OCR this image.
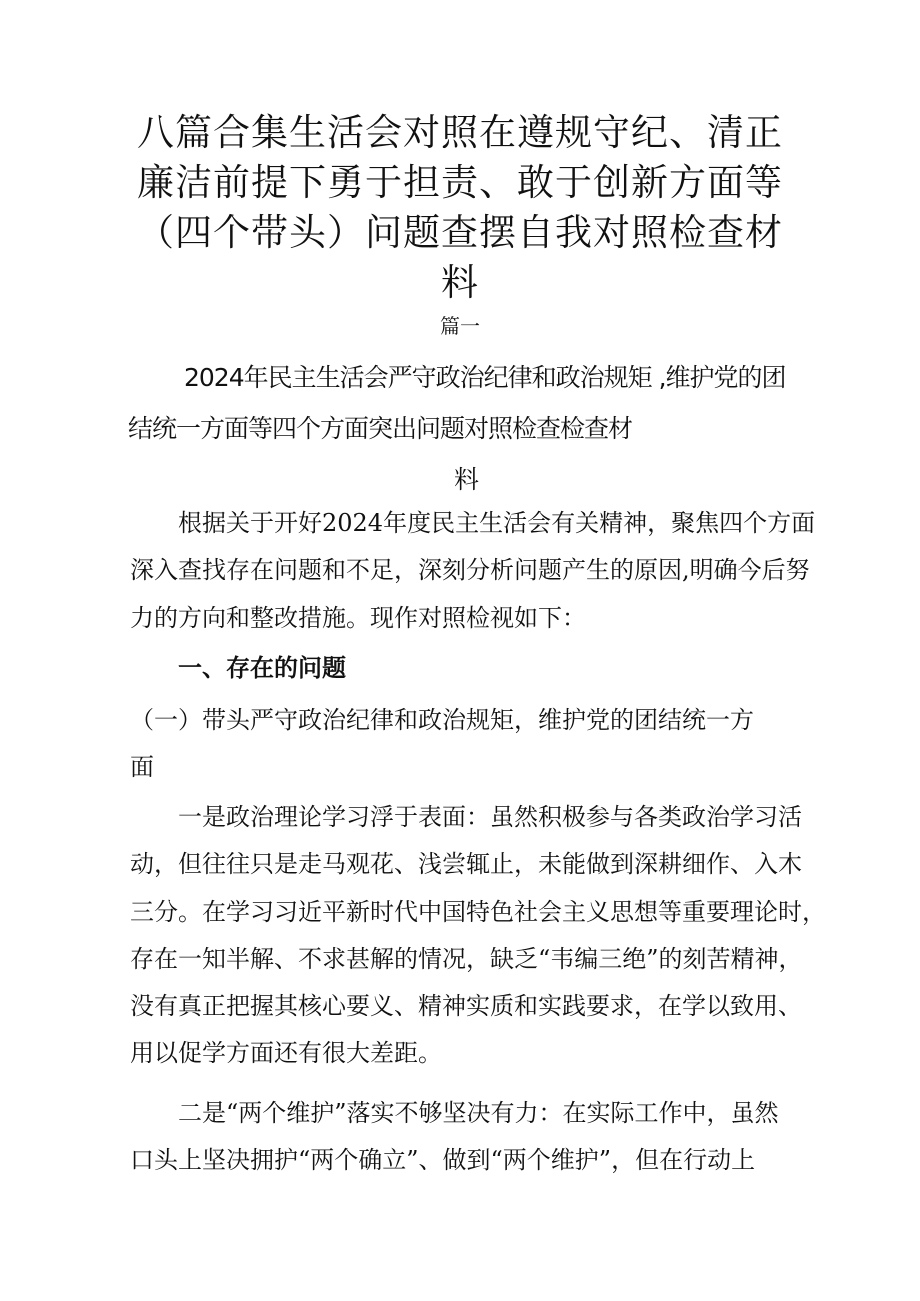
八篇合集生活会对照在遵规守纪、清正廉洁前提下勇于担责、敢于创新方面等（四个带头）问题查摆自我对照检查材料
篇一
2024年民主生活会严守政治纪律和政治规矩 ,维护党的团
结统一方面等四个方面突出问题对照检查检查材
料
根据关于开好2024年度民主生活会有关精神，聚焦四个方面
深入查找存在问题和不足，深刻分析问题产生的原因,明确今后努
力的方向和整改措施。现作对照检视如下：
一、存在的问题
（一）带头严守政治纪律和政治规矩，维护党的团结统一方
面
一是政治理论学习浮于表面：虽然积极参与各类政治学习活
动，但往往只是走马观花、浅尝辄止，未能做到深耕细作、入木
三分。在学习习近平新时代中国特色社会主义思想等重要理论时，
存在一知半解、不求甚解的情况，缺乏“韦编三绝”的刻苦精神，
没有真正把握其核心要义、精神实质和实践要求，在学以致用、
用以促学方面还有很大差距。
二是“两个维护”落实不够坚决有力：在实际工作中，虽然
口头上坚决拥护“两个确立”、做到“两个维护”，但在行动上
